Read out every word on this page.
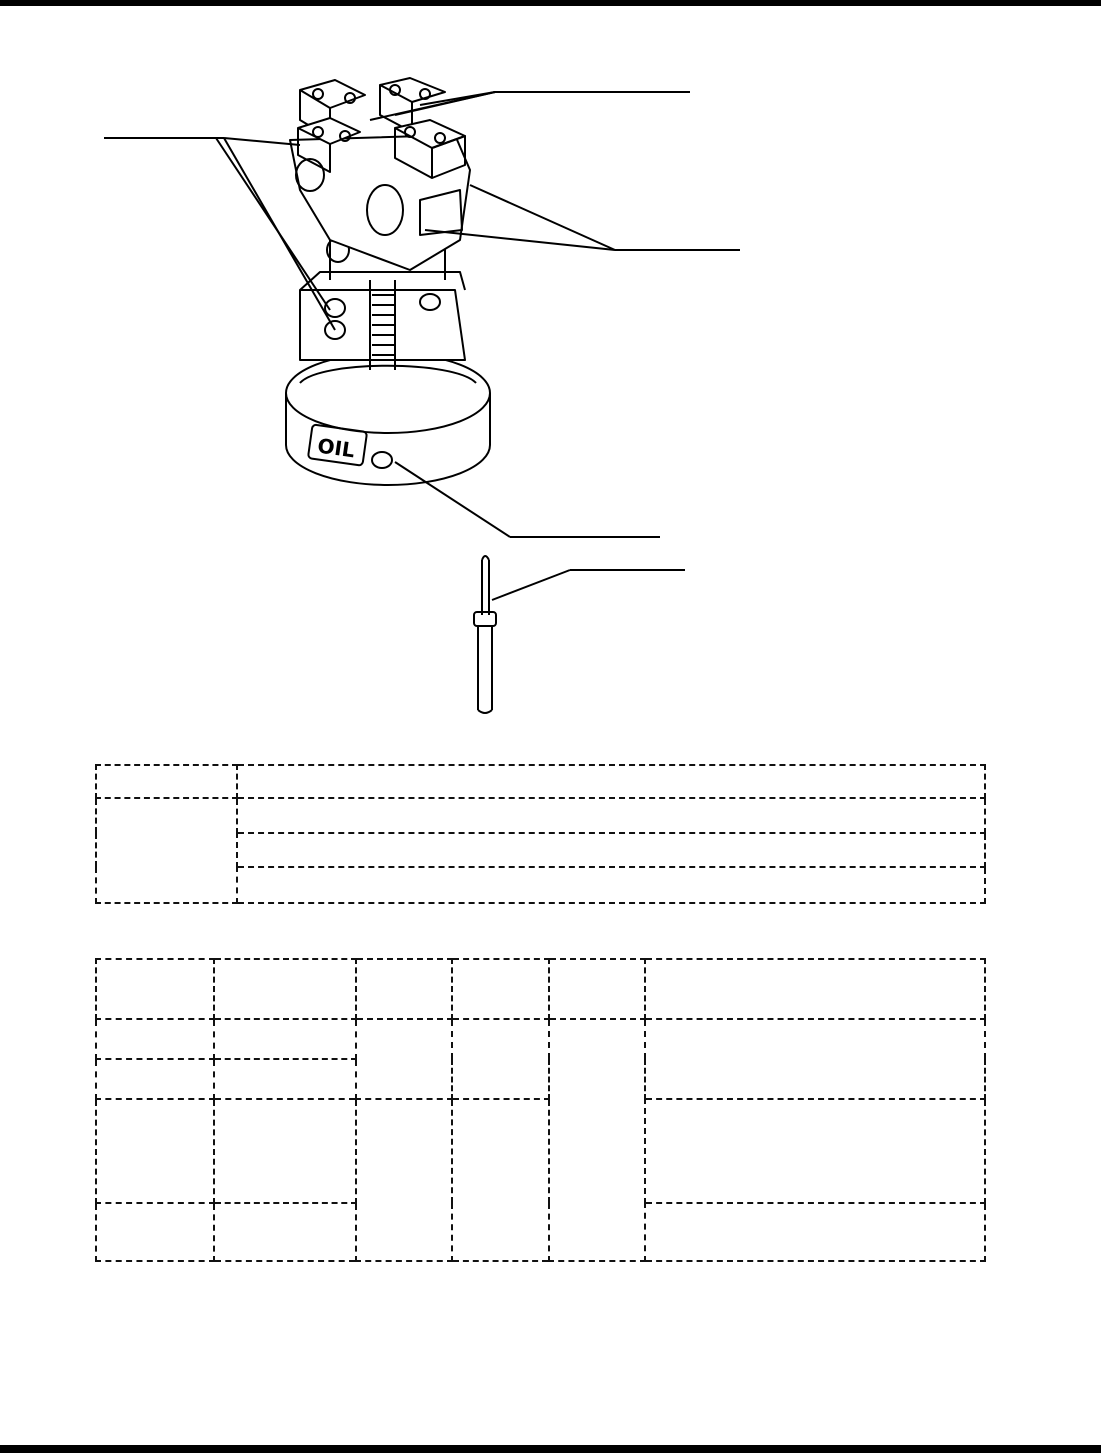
OIL
